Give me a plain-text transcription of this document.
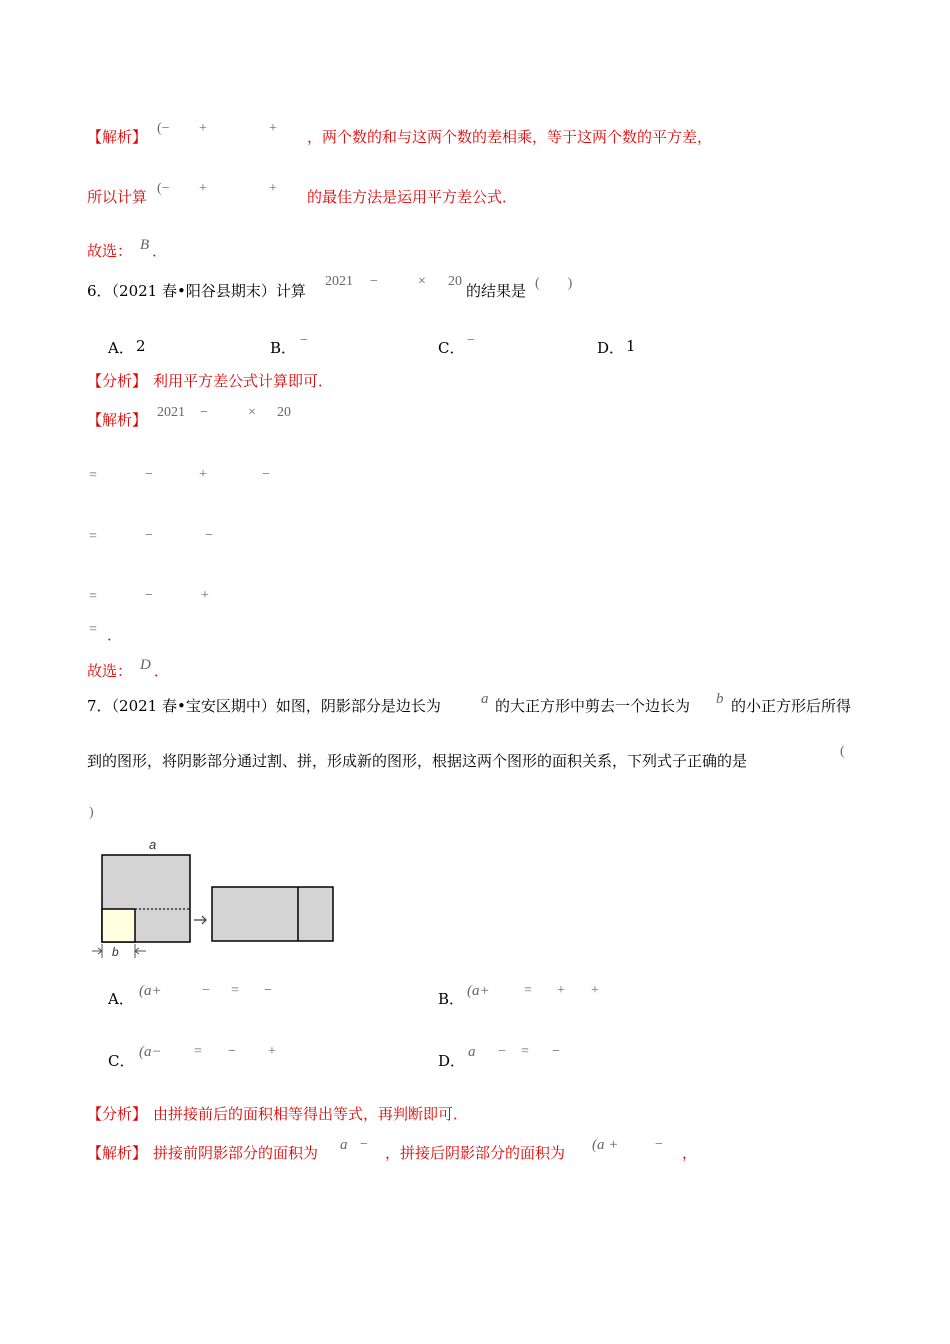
【解析】 (− +	+ ，两个数的和与这两个数的差相乘，等于这两个数的平方差，
所以计算 (− +	+ 的最佳方法是运用平方差公式．
故选： B ．
6．（2021 春•阳谷县期末）计算
2021 −	× 20
的结果是 (　　)
A． 2	B． −	C． −	D． 1
【分析】 利用平方差公式计算即可．
【解析】 2021 −	× 20
=	−	+	−
=	−	−
=	−	+
= ．
故选： D ．
7．（2021 春•宝安区期中）如图，阴影部分是边长为	a 的大正方形中剪去一个边长为 b 的小正方形后所得
到的图形，将阴影部分通过割、拼，形成新的图形，根据这两个图形的面积关系，下列式子正确的是
(
)
a
b
A． (a+	− = −	B． (a+ = + +
C． (a− = − +
D． a − = −
【分析】 由拼接前后的面积相等得出等式，再判断即可．
【解析】 拼接前阴影部分的面积为 a − ，拼接后阴影部分的面积为 (a +	− ，
